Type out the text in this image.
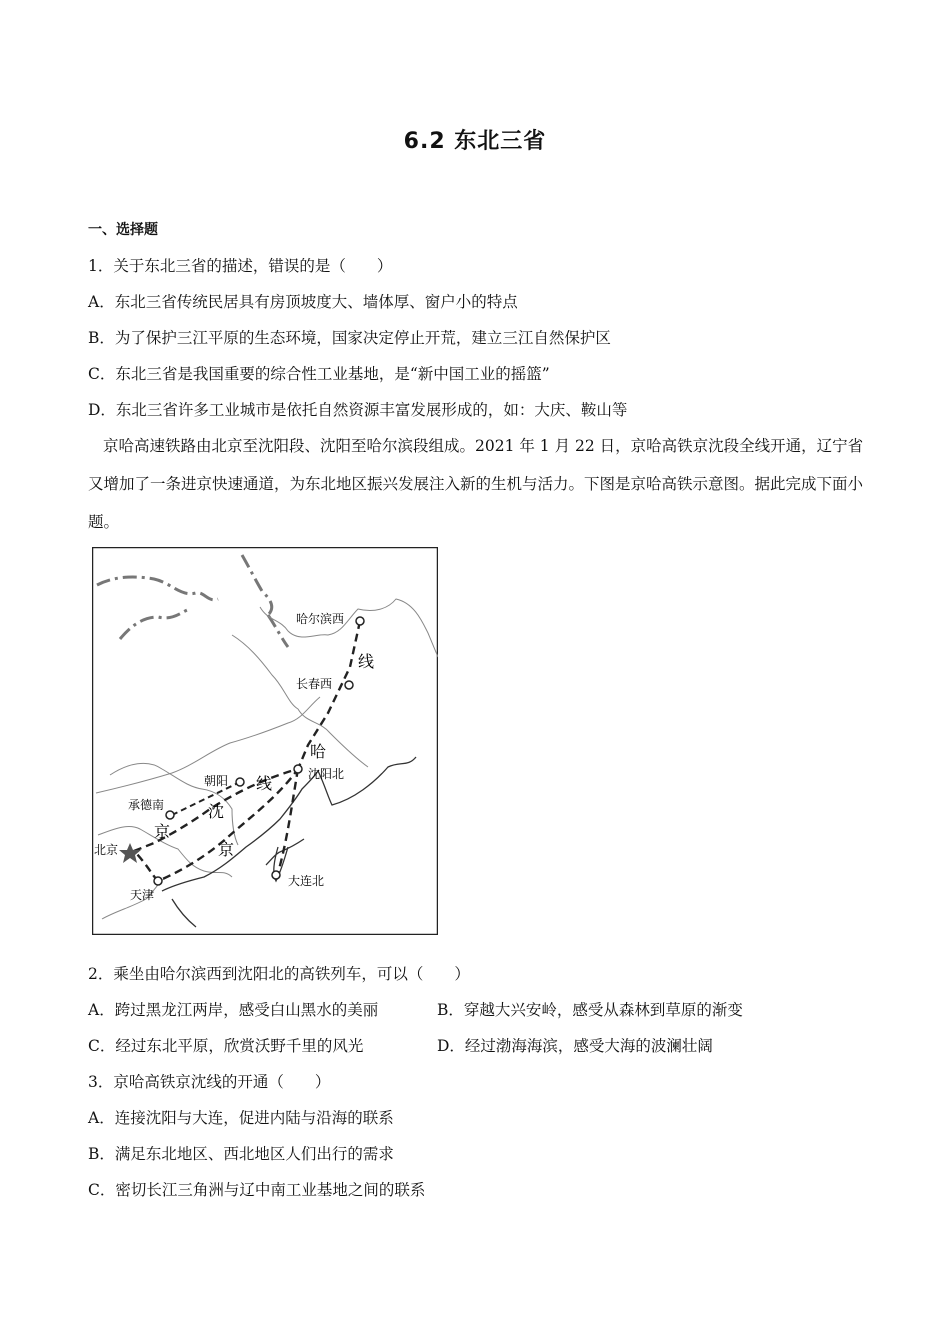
6.2 东北三省
一、选择题
1．关于东北三省的描述，错误的是（　　）
A．东北三省传统民居具有房顶坡度大、墙体厚、窗户小的特点
B．为了保护三江平原的生态环境，国家决定停止开荒，建立三江自然保护区
C．东北三省是我国重要的综合性工业基地，是“新中国工业的摇篮”
D．东北三省许多工业城市是依托自然资源丰富发展形成的，如：大庆、鞍山等
京哈高速铁路由北京至沈阳段、沈阳至哈尔滨段组成。2021 年 1 月 22 日，京哈高铁京沈段全线开通，辽宁省又增加了一条进京快速通道，为东北地区振兴发展注入新的生机与活力。下图是京哈高铁示意图。据此完成下面小题。
哈尔滨西
长春西
沈阳北
朝阳
承德南
北京
天津
大连北
京
沈
线
哈
线
京
2．乘坐由哈尔滨西到沈阳北的高铁列车，可以（　　）
A．跨过黑龙江两岸，感受白山黑水的美丽	B．穿越大兴安岭，感受从森林到草原的渐变
C．经过东北平原，欣赏沃野千里的风光	D．经过渤海海滨，感受大海的波澜壮阔
3．京哈高铁京沈线的开通（　　）
A．连接沈阳与大连，促进内陆与沿海的联系
B．满足东北地区、西北地区人们出行的需求
C．密切长江三角洲与辽中南工业基地之间的联系
